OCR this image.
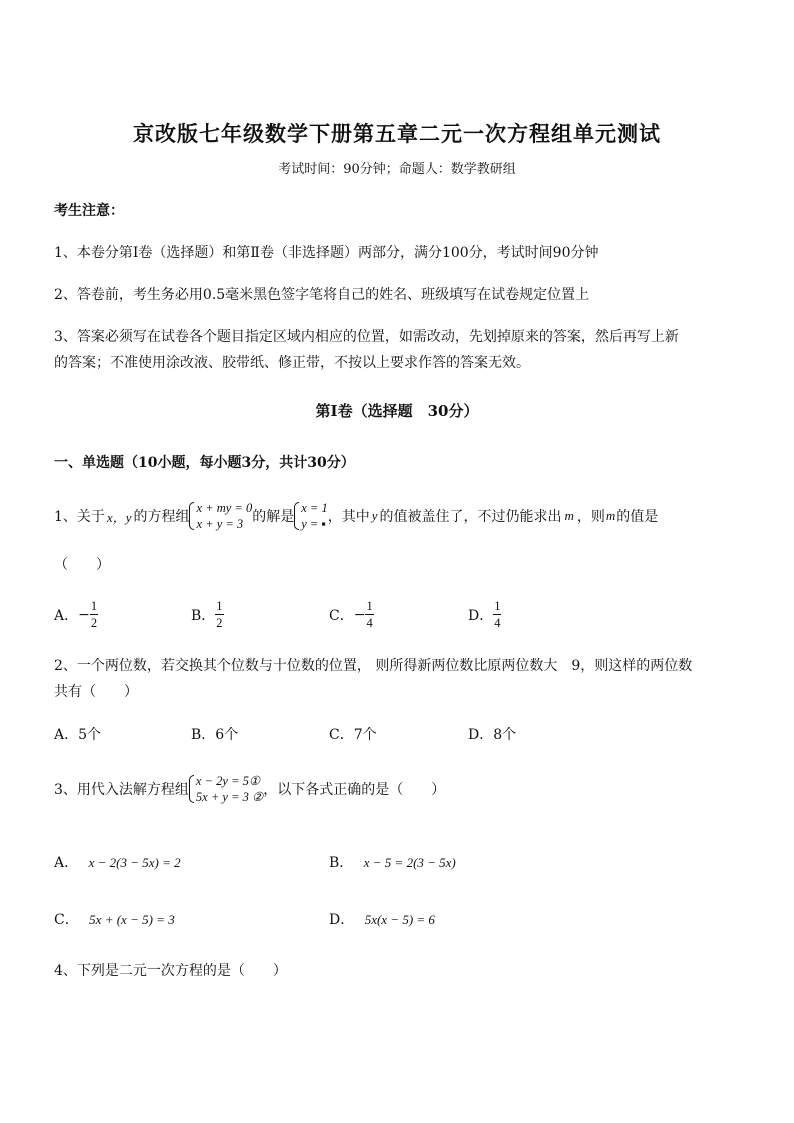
京改版七年级数学下册第五章二元一次方程组单元测试
考试时间：90分钟；命题人：数学教研组
考生注意：
1、本卷分第Ⅰ卷（选择题）和第Ⅱ卷（非选择题）两部分，满分100分，考试时间90分钟
2、答卷前，考生务必用0.5毫米黑色签字笔将自己的姓名、班级填写在试卷规定位置上
3、答案必须写在试卷各个题目指定区域内相应的位置，如需改动，先划掉原来的答案，然后再写上新
的答案；不准使用涂改液、胶带纸、修正带，不按以上要求作答的答案无效。
第Ⅰ卷（选择题　30分）
一、单选题（10小题，每小题3分，共计30分）
1、关于 x，y 的方程组
x + my = 0
x + y = 3 的解是
x = 1
y = ▪ ，其中 y 的值被盖住了，不过仍能求出 m ，则 m 的值是
（　　）
A． − $\frac{1}{2}$	B． $\frac{1}{2}$	C． − $\frac{1}{4}$	D． $\frac{1}{4}$
2、一个两位数，若交换其个位数与十位数的位置， 则所得新两位数比原两位数大　9，则这样的两位数
共有（　　）
A．5个	B．6个	C．7个	D．8个
3、用代入法解方程组
x − 2y = 5①
5x + y = 3 ② ，以下各式正确的是（　　）
A． x − 2(3 − 5x) = 2	B． x − 5 = 2(3 − 5x)
C． 5x + (x − 5) = 3	D． 5x(x − 5) = 6
4、下列是二元一次方程的是（　　）
